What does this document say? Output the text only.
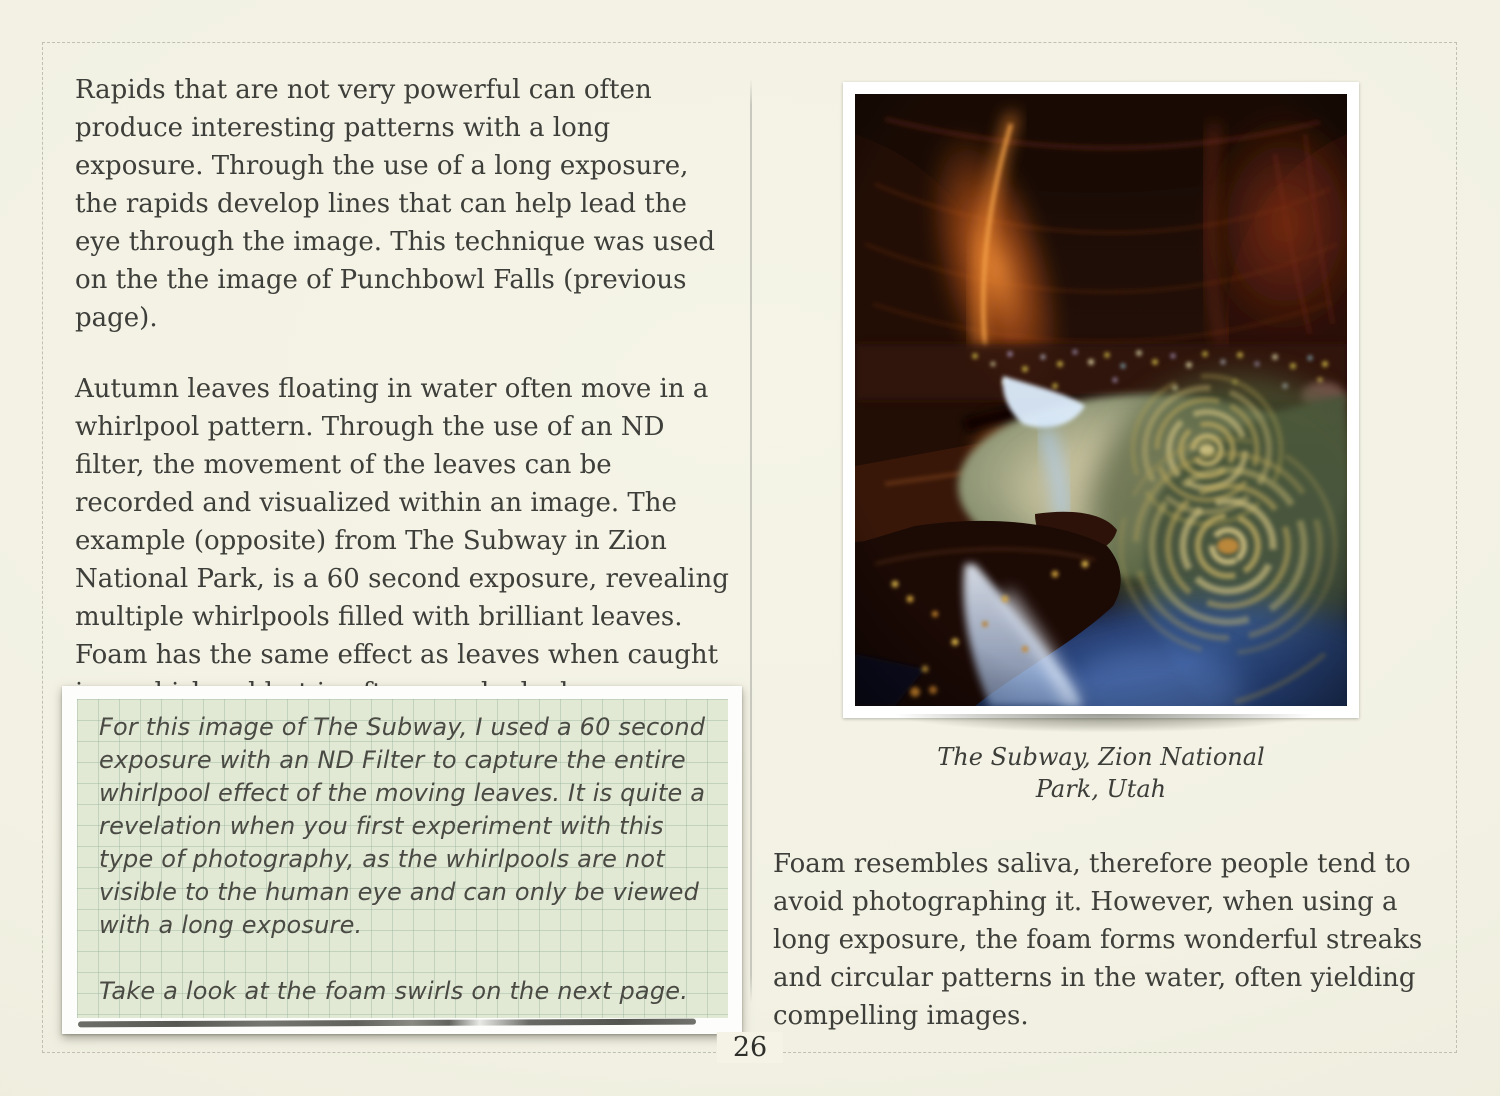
Rapids that are not very powerful can often produce interesting patterns with a long exposure. Through the use of a long exposure, the rapids develop lines that can help lead the eye through the image. This technique was used on the the image of Punchbowl Falls (previous page).

Autumn leaves floating in water often move in a whirlpool pattern. Through the use of an ND filter, the movement of the leaves can be recorded and visualized within an image. The example (opposite) from The Subway in Zion National Park, is a 60 second exposure, revealing multiple whirlpools filled with brilliant leaves. Foam has the same effect as leaves when caught

For this image of The Subway, I used a 60 second exposure with an ND Filter to capture the entire whirlpool effect of the moving leaves. It is quite a revelation when you first experiment with this type of photography, as the whirlpools are not visible to the human eye and can only be viewed with a long exposure.

Take a look at the foam swirls on the next page.

The Subway, Zion National
Park, Utah

Foam resembles saliva, therefore people tend to avoid photographing it. However, when using a long exposure, the foam forms wonderful streaks and circular patterns in the water, often yielding compelling images.

26
